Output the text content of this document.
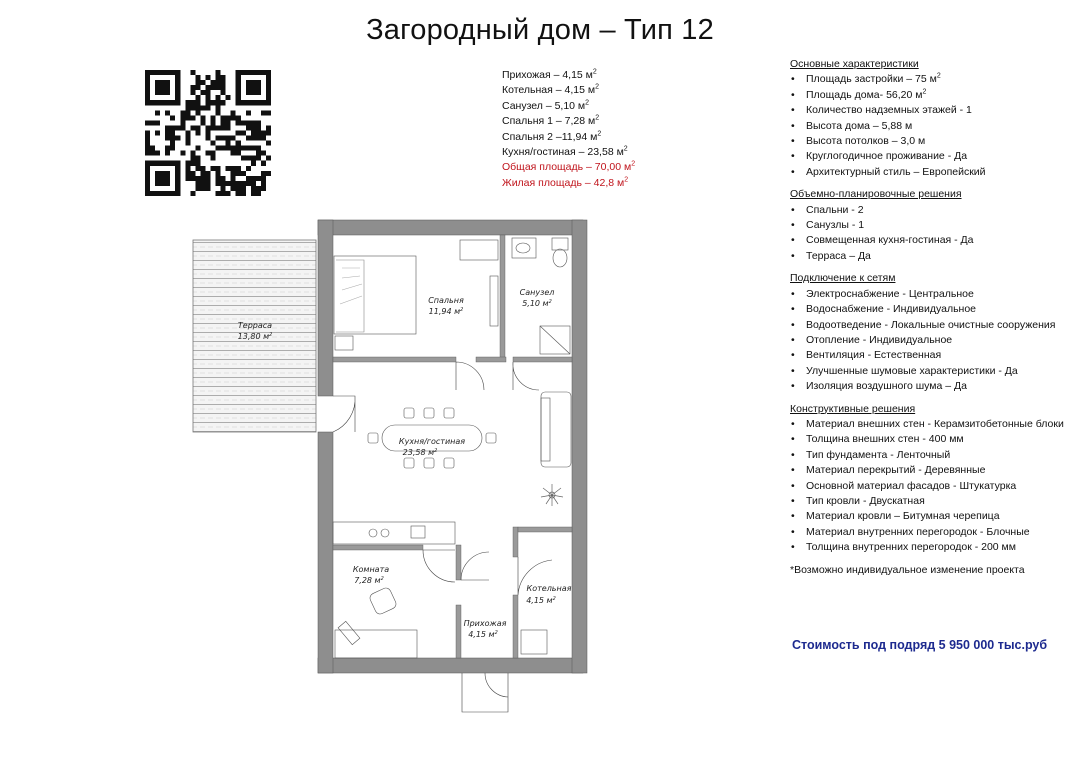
Загородный дом – Тип 12
Прихожая – 4,15 $м^2$
Котельная – 4,15 $м^2$
Санузел – 5,10 $м^2$
Спальня 1 – 7,28 $м^2$
Спальня 2 –11,94 $м^2$
Кухня/гостиная – 23,58 $м^2$
Общая площадь – 70,00 $м^2$
Жилая площадь – 42,8 $м^2$
Основные характеристики
• Площадь застройки – 75 $м^2$
• Площадь дома- 56,20 $м^2$
• Количество надземных этажей - 1
• Высота дома – 5,88 м
• Высота потолков – 3,0 м
• Круглогодичное проживание - Да
• Архитектурный стиль – Европейский
Объемно-планировочные решения
• Спальни - 2
• Санузлы - 1
• Совмещенная кухня-гостиная - Да
• Терраса – Да
Подключение к сетям
• Электроснабжение - Центральное
• Водоснабжение - Индивидуальное
• Водоотведение - Локальные очистные сооружения
• Отопление - Индивидуальное
• Вентиляция - Естественная
• Улучшенные шумовые характеристики - Да
• Изоляция воздушного шума – Да
Конструктивные решения
• Материал внешних стен - Керамзитобетонные блоки
• Толщина внешних стен - 400 мм
• Тип фундамента - Ленточный
• Материал перекрытий - Деревянные
• Основной материал фасадов - Штукатурка
• Тип кровли - Двускатная
• Материал кровли – Битумная черепица
• Материал внутренних перегородок - Блочные
• Толщина внутренних перегородок - 200 мм
*Возможно индивидуальное изменение проекта
Стоимость под подряд 5 950 000 тыс.руб
Терраса
13,80 $м^2$
Спальня
11,94 $м^2$
Санузел
5,10 $м^2$
Кухня/гостиная
23,58 $м^2$
Комната
7,28 $м^2$
Котельная
4,15 $м^2$
Прихожая
4,15 $м^2$
